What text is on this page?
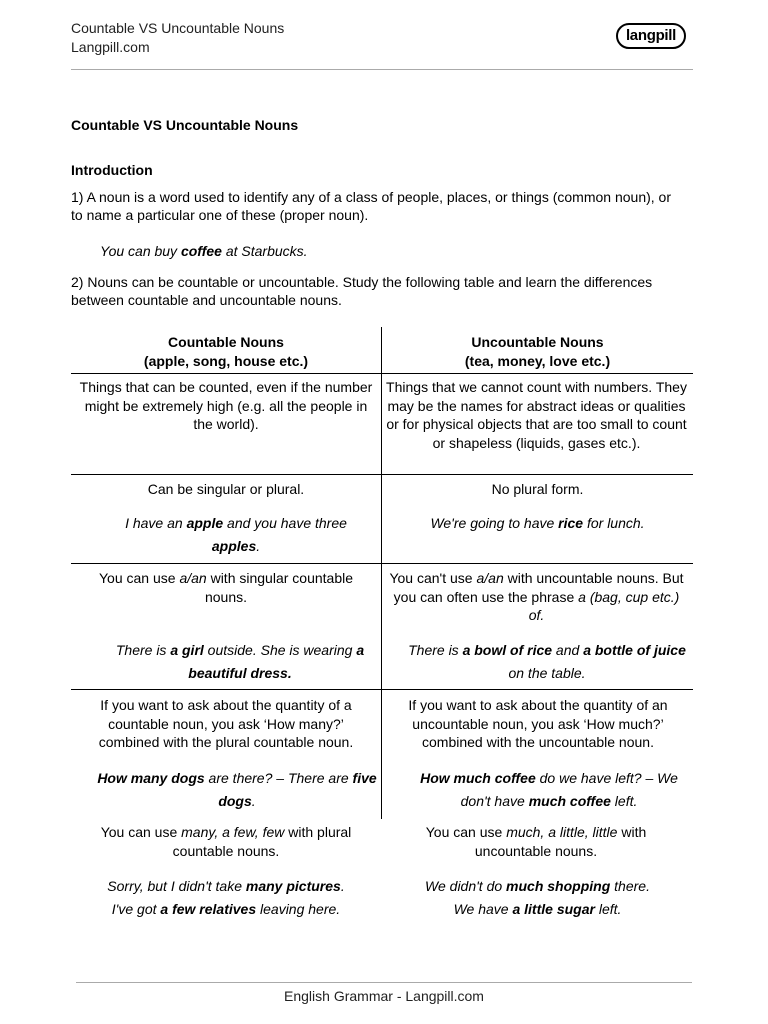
Countable VS Uncountable Nouns
Langpill.com
langpill
Countable VS Uncountable Nouns
Introduction
1) A noun is a word used to identify any of a class of people, places, or things (common noun), or to name a particular one of these (proper noun).
You can buy coffee at Starbucks.
2) Nouns can be countable or uncountable. Study the following table and learn the differences between countable and uncountable nouns.
Countable Nouns
(apple, song, house etc.)
Uncountable Nouns
(tea, money, love etc.)
Things that can be counted, even if the number might be extremely high (e.g. all the people in the world).
Things that we cannot count with numbers. They may be the names for abstract ideas or qualities or for physical objects that are too small to count or shapeless (liquids, gases etc.).
Can be singular or plural.
I have an apple and you have three apples.
No plural form.
We're going to have rice for lunch.
You can use a/an with singular countable nouns.
There is a girl outside. She is wearing a beautiful dress.
You can't use a/an with uncountable nouns. But you can often use the phrase a (bag, cup etc.) of.
There is a bowl of rice and a bottle of juice on the table.
If you want to ask about the quantity of a countable noun, you ask ‘How many?’ combined with the plural countable noun.
How many dogs are there? – There are five dogs.
If you want to ask about the quantity of an uncountable noun, you ask ‘How much?’ combined with the uncountable noun.
How much coffee do we have left? – We don't have much coffee left.
You can use many, a few, few with plural countable nouns.
Sorry, but I didn't take many pictures.
I've got a few relatives leaving here.
You can use much, a little, little with uncountable nouns.
We didn't do much shopping there.
We have a little sugar left.
English Grammar - Langpill.com
